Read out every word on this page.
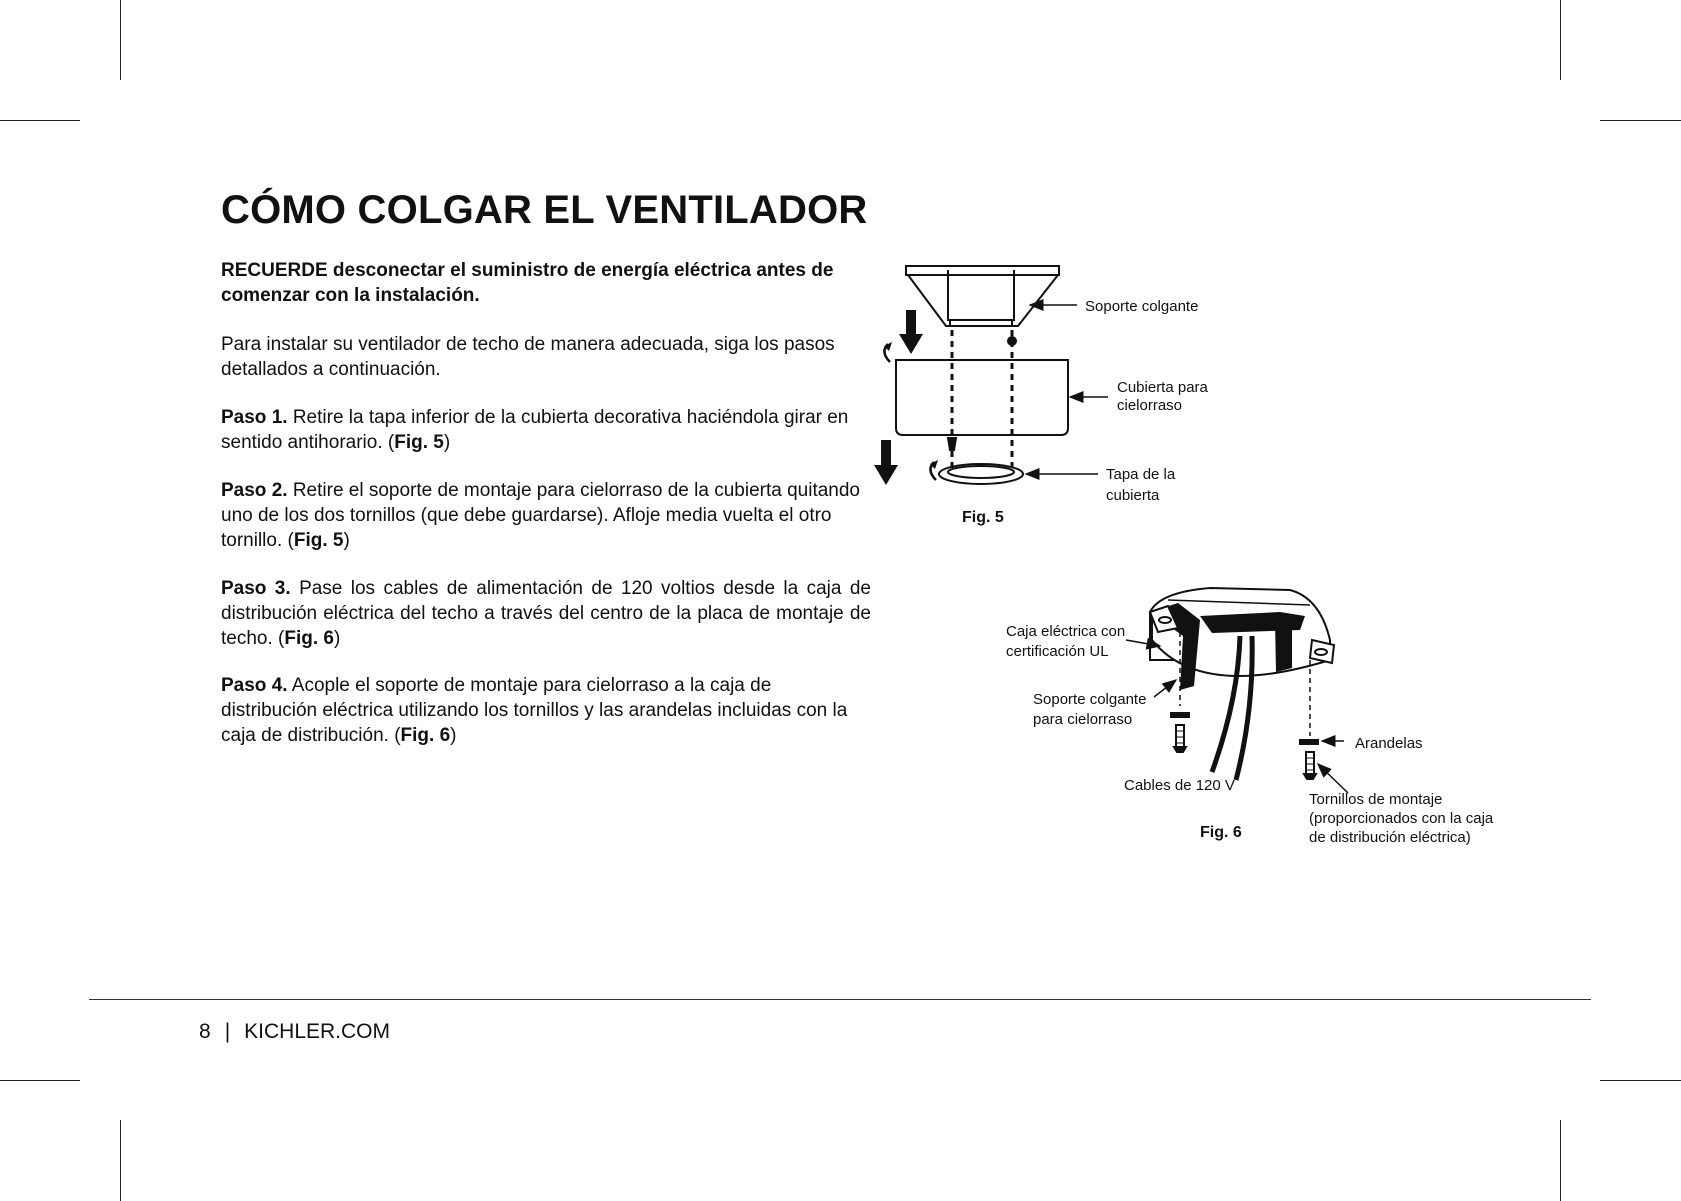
CÓMO COLGAR EL VENTILADOR

RECUERDE desconectar el suministro de energía eléctrica antes de comenzar con la instalación.

Para instalar su ventilador de techo de manera adecuada, siga los pasos detallados a continuación.

Paso 1. Retire la tapa inferior de la cubierta decorativa haciéndola girar en sentido antihorario. (Fig. 5)

Paso 2. Retire el soporte de montaje para cielorraso de la cubierta quitando uno de los dos tornillos (que debe guardarse). Afloje media vuelta el otro tornillo. (Fig. 5)

Paso 3. Pase los cables de alimentación de 120 voltios desde la caja de distribución eléctrica del techo a través del centro de la placa de montaje de techo. (Fig. 6)

Paso 4. Acople el soporte de montaje para cielorraso a la caja de distribución eléctrica utilizando los tornillos y las arandelas incluidas con la caja de distribución. (Fig. 6)

Soporte colgante
Cubierta para cielorraso
Tapa de la cubierta
Fig. 5
Caja eléctrica con certificación UL
Soporte colgante para cielorraso
Arandelas
Cables de 120 V
Tornillos de montaje (proporcionados con la caja de distribución eléctrica)
Fig. 6
8 | KICHLER.COM
